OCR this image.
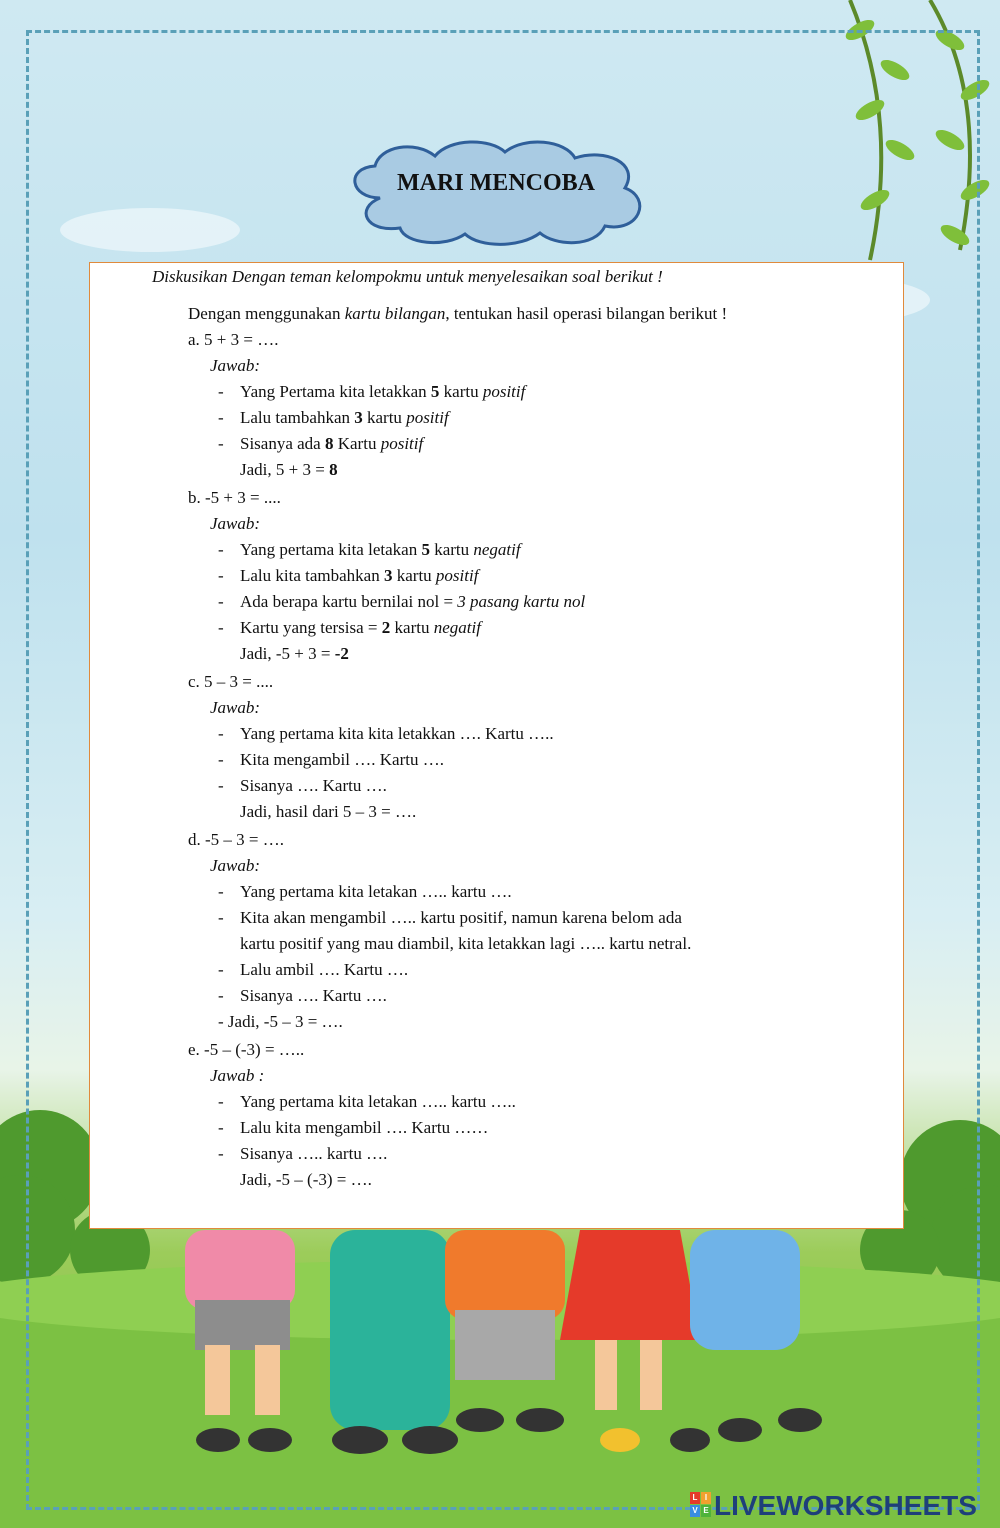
MARI MENCOBA
Diskusikan Dengan teman kelompokmu untuk menyelesaikan soal berikut !
Dengan menggunakan kartu bilangan, tentukan hasil operasi bilangan berikut !
a. 5 + 3 = ….
Jawab:
- Yang Pertama kita letakkan 5 kartu positif
- Lalu tambahkan 3 kartu positif
- Sisanya ada 8 Kartu positif
Jadi, 5 + 3 = 8
b. -5 + 3 = ....
Jawab:
- Yang pertama kita letakan 5 kartu negatif
- Lalu kita tambahkan 3 kartu positif
- Ada berapa kartu bernilai nol = 3 pasang kartu nol
- Kartu yang tersisa = 2 kartu negatif
Jadi, -5 + 3 = -2
c. 5 – 3 = ....
Jawab:
- Yang pertama kita kita letakkan …. Kartu …..
- Kita mengambil …. Kartu ….
- Sisanya …. Kartu ….
Jadi, hasil dari 5 – 3 = ….
d. -5 – 3 = ….
Jawab:
- Yang pertama kita letakan ….. kartu ….
- Kita akan mengambil ….. kartu positif, namun karena belom ada
kartu positif yang mau diambil, kita letakkan lagi ….. kartu netral.
- Lalu ambil …. Kartu ….
- Sisanya …. Kartu ….
- Jadi, -5 – 3 = ….
e. -5 – (-3) = …..
Jawab :
- Yang pertama kita letakan ….. kartu …..
- Lalu kita mengambil …. Kartu ……
- Sisanya ….. kartu ….
Jadi, -5 – (-3) = ….
L I
V E LIVEWORKSHEETS
